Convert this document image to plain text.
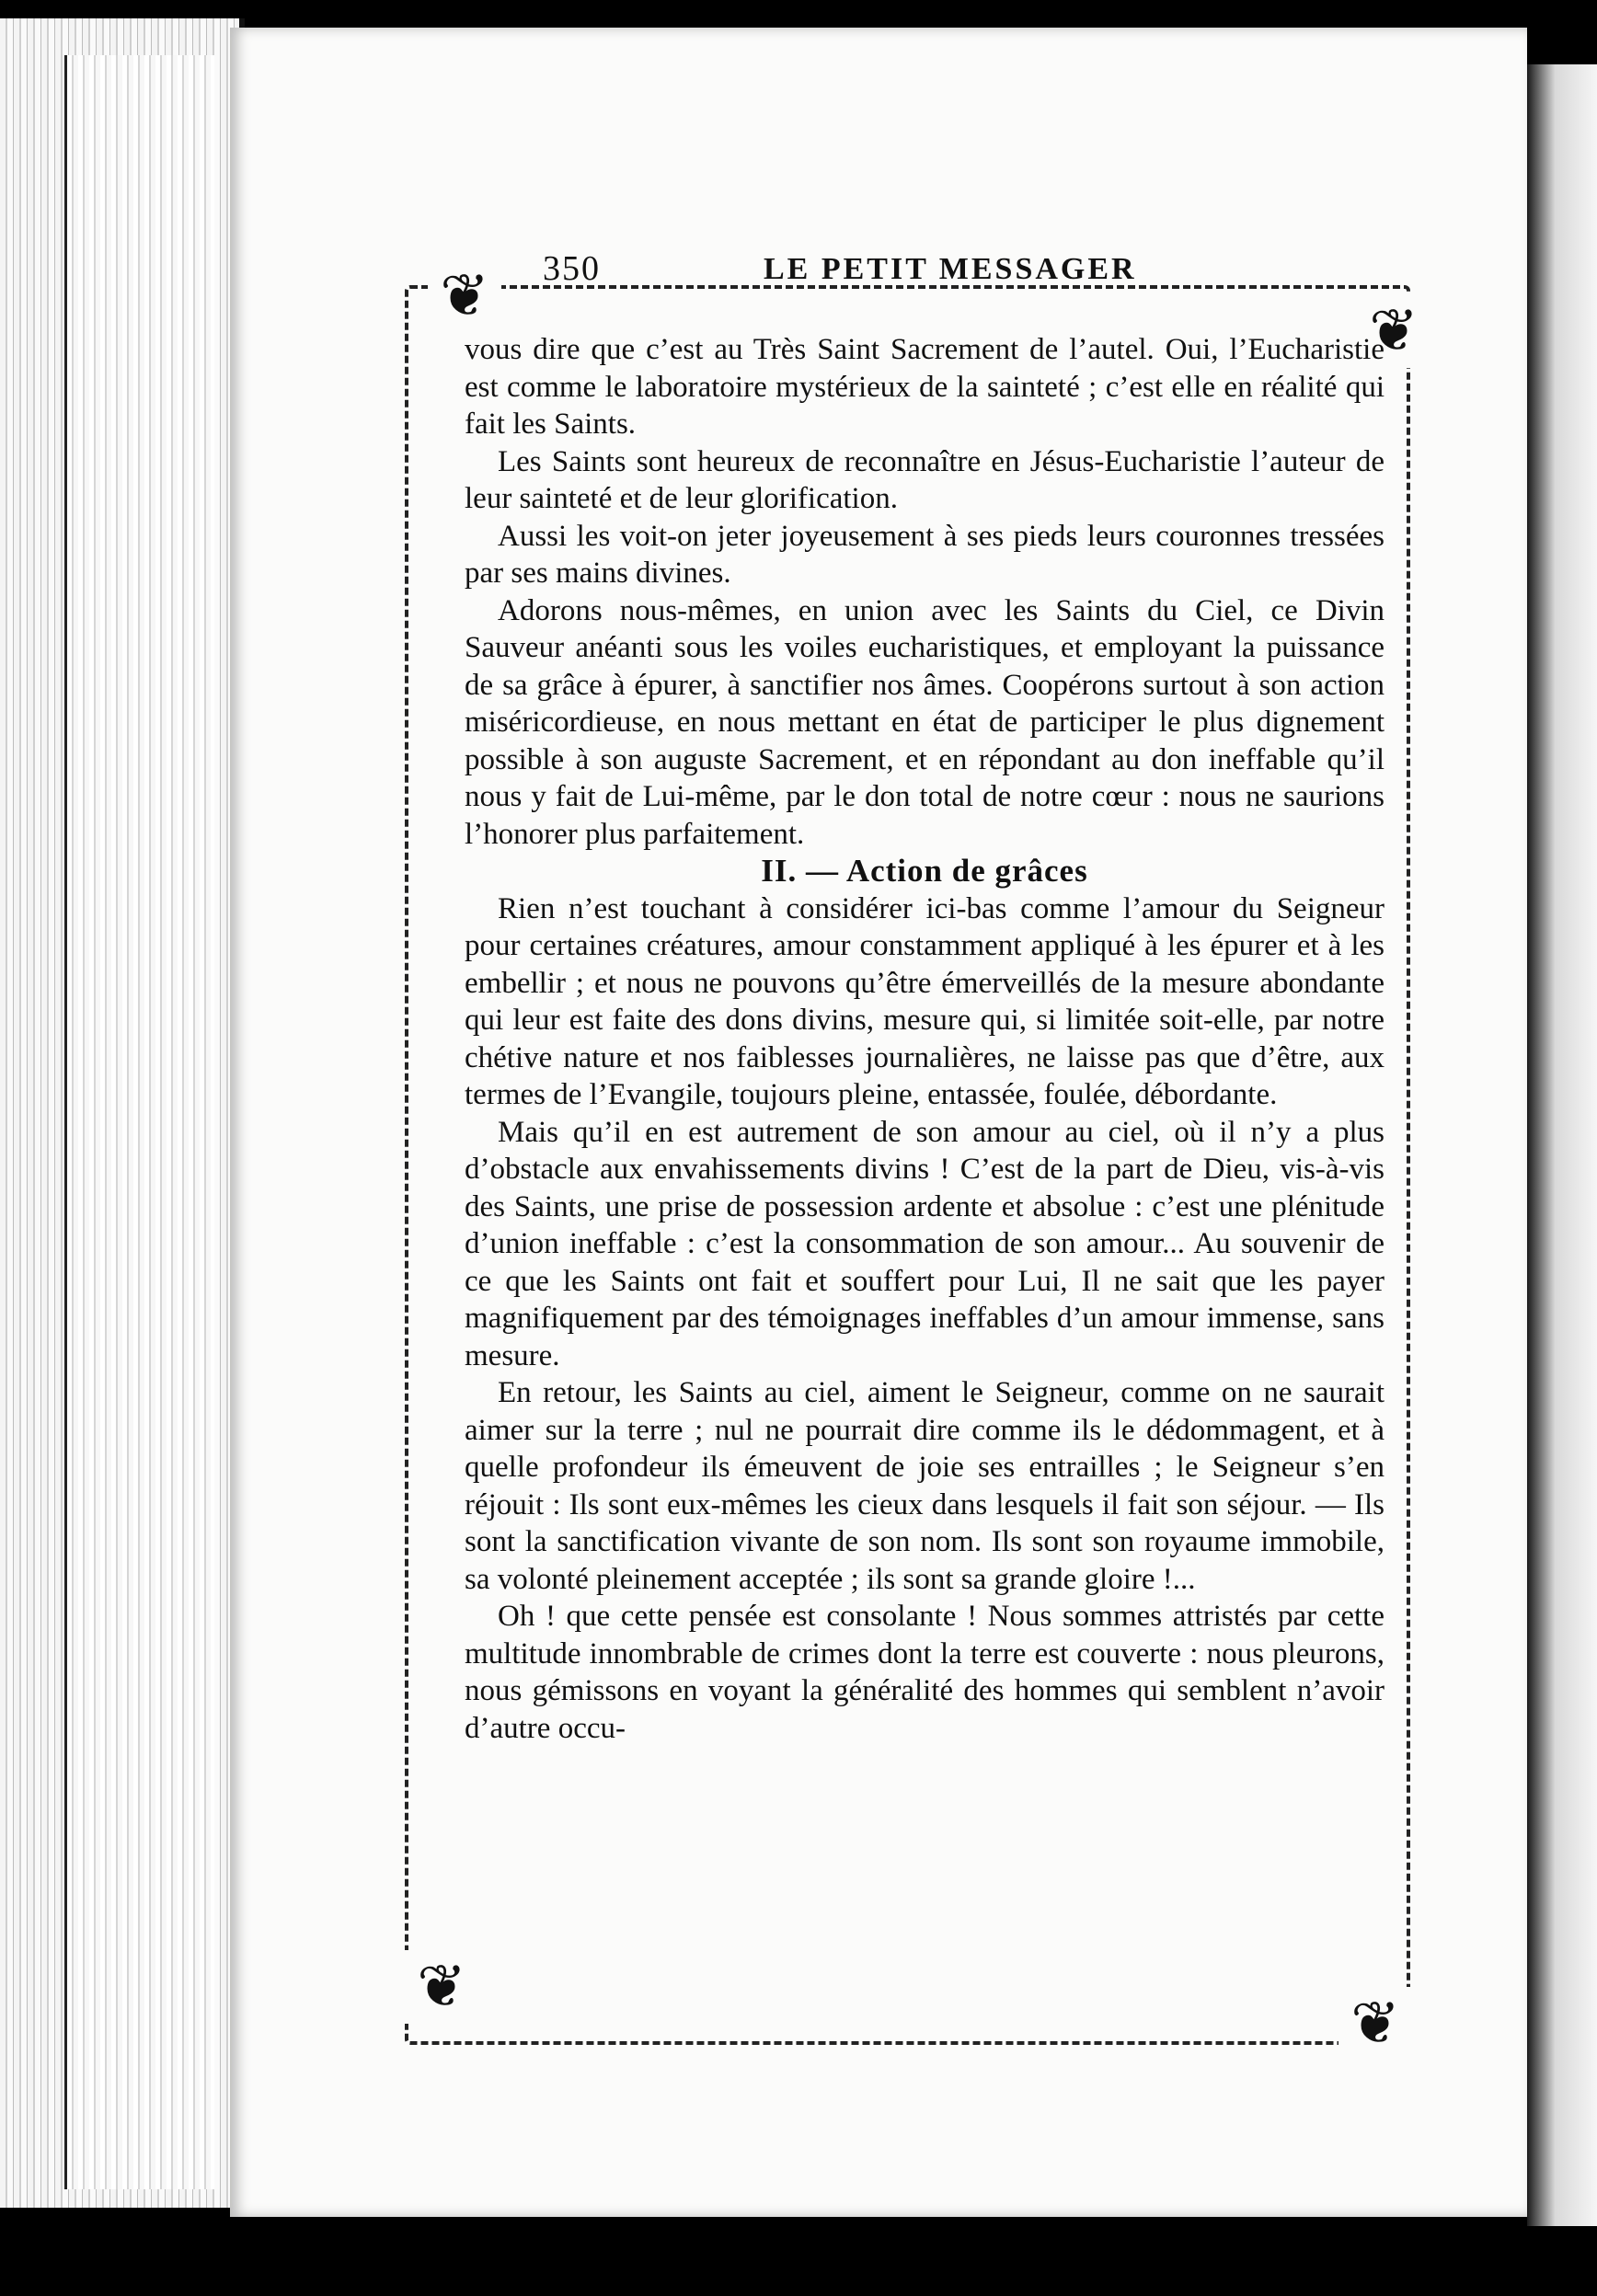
350	LE PETIT MESSAGER
❦
❦
❦
❦

vous dire que c’est au Très Saint Sacrement de l’autel. Oui, l’Eucharistie est comme le laboratoire mystérieux de la sainteté ; c’est elle en réalité qui fait les Saints.

Les Saints sont heureux de reconnaître en Jésus-Eucharistie l’auteur de leur sainteté et de leur glorification.

Aussi les voit-on jeter joyeusement à ses pieds leurs couronnes tressées par ses mains divines.

Adorons nous-mêmes, en union avec les Saints du Ciel, ce Divin Sauveur anéanti sous les voiles eucharistiques, et employant la puissance de sa grâce à épurer, à sanctifier nos âmes. Coopérons surtout à son action miséricordieuse, en nous mettant en état de participer le plus dignement possible à son auguste Sacrement, et en répondant au don ineffable qu’il nous y fait de Lui-même, par le don total de notre cœur : nous ne saurions l’honorer plus parfaitement.

II. — Action de grâces

Rien n’est touchant à considérer ici-bas comme l’amour du Seigneur pour certaines créatures, amour constamment appliqué à les épurer et à les embellir ; et nous ne pouvons qu’être émerveillés de la mesure abondante qui leur est faite des dons divins, mesure qui, si limitée soit-elle, par notre chétive nature et nos faiblesses journalières, ne laisse pas que d’être, aux termes de l’Evangile, toujours pleine, entassée, foulée, débordante.

Mais qu’il en est autrement de son amour au ciel, où il n’y a plus d’obstacle aux envahissements divins ! C’est de la part de Dieu, vis-à-vis des Saints, une prise de possession ardente et absolue : c’est une plénitude d’union ineffable : c’est la consommation de son amour... Au souvenir de ce que les Saints ont fait et souffert pour Lui, Il ne sait que les payer magnifiquement par des témoignages ineffables d’un amour immense, sans mesure.

En retour, les Saints au ciel, aiment le Seigneur, comme on ne saurait aimer sur la terre ; nul ne pourrait dire comme ils le dédommagent, et à quelle profondeur ils émeuvent de joie ses entrailles ; le Seigneur s’en réjouit : Ils sont eux-mêmes les cieux dans lesquels il fait son séjour. — Ils sont la sanctification vivante de son nom. Ils sont son royaume immobile, sa volonté pleinement acceptée ; ils sont sa grande gloire !...

Oh ! que cette pensée est consolante ! Nous sommes attristés par cette multitude innombrable de crimes dont la terre est couverte : nous pleurons, nous gémissons en voyant la généralité des hommes qui semblent n’avoir d’autre occu-
